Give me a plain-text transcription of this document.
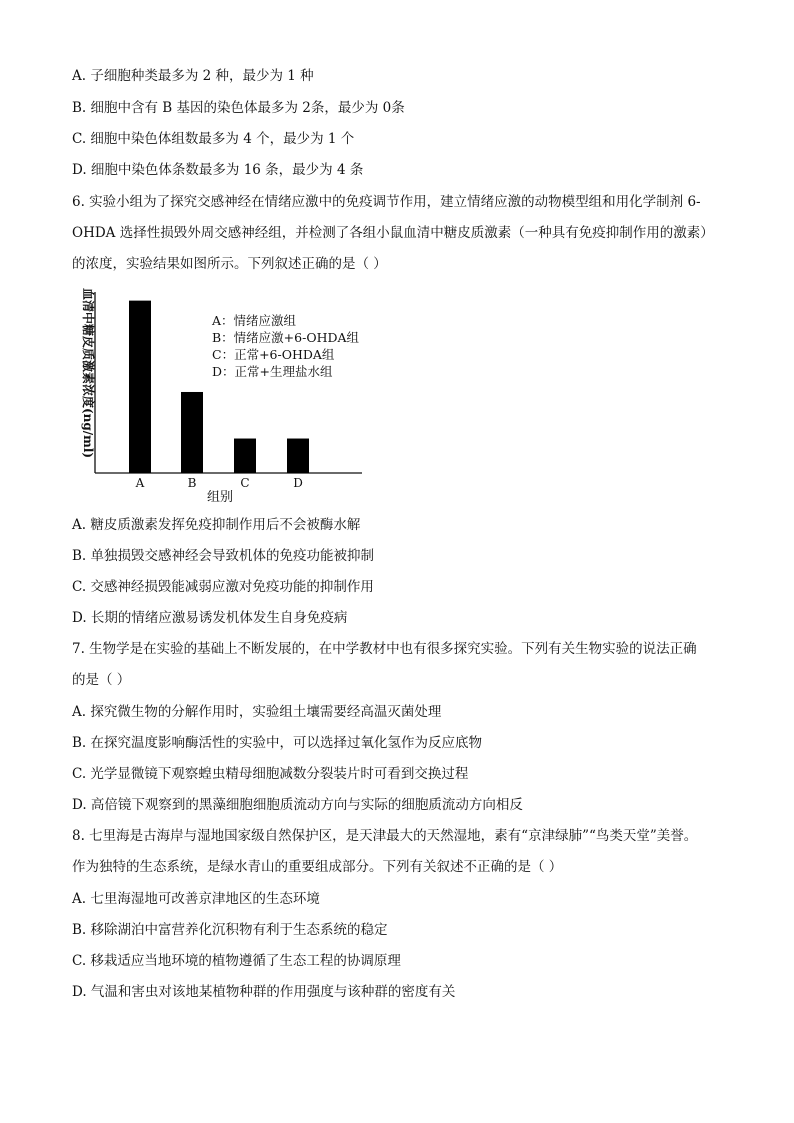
A. 子细胞种类最多为 2 种，最少为 1 种
B. 细胞中含有 B 基因的染色体最多为 2条，最少为 0条
C. 细胞中染色体组数最多为 4 个，最少为 1 个
D. 细胞中染色体条数最多为 16 条，最少为 4 条
6. 实验小组为了探究交感神经在情绪应激中的免疫调节作用，建立情绪应激的动物模型组和用化学制剂 6-
OHDA 选择性损毁外周交感神经组，并检测了各组小鼠血清中糖皮质激素（一种具有免疫抑制作用的激素）
的浓度，实验结果如图所示。下列叙述正确的是（ ）
血清中糖皮质激素浓度(ng/ml)
A	B	C	D
A：情绪应激组
B：情绪应激+6-OHDA组
C：正常+6-OHDA组
D：正常+生理盐水组
组别
A. 糖皮质激素发挥免疫抑制作用后不会被酶水解
B. 单独损毁交感神经会导致机体的免疫功能被抑制
C. 交感神经损毁能减弱应激对免疫功能的抑制作用
D. 长期的情绪应激易诱发机体发生自身免疫病
7. 生物学是在实验的基础上不断发展的，在中学教材中也有很多探究实验。下列有关生物实验的说法正确
的是（ ）
A. 探究微生物的分解作用时，实验组土壤需要经高温灭菌处理
B. 在探究温度影响酶活性的实验中，可以选择过氧化氢作为反应底物
C. 光学显微镜下观察蝗虫精母细胞减数分裂装片时可看到交换过程
D. 高倍镜下观察到的黑藻细胞细胞质流动方向与实际的细胞质流动方向相反
8. 七里海是古海岸与湿地国家级自然保护区，是天津最大的天然湿地，素有“京津绿肺”“鸟类天堂”美誉。
作为独特的生态系统，是绿水青山的重要组成部分。下列有关叙述不正确的是（ ）
A. 七里海湿地可改善京津地区的生态环境
B. 移除湖泊中富营养化沉积物有利于生态系统的稳定
C. 移栽适应当地环境的植物遵循了生态工程的协调原理
D. 气温和害虫对该地某植物种群的作用强度与该种群的密度有关
